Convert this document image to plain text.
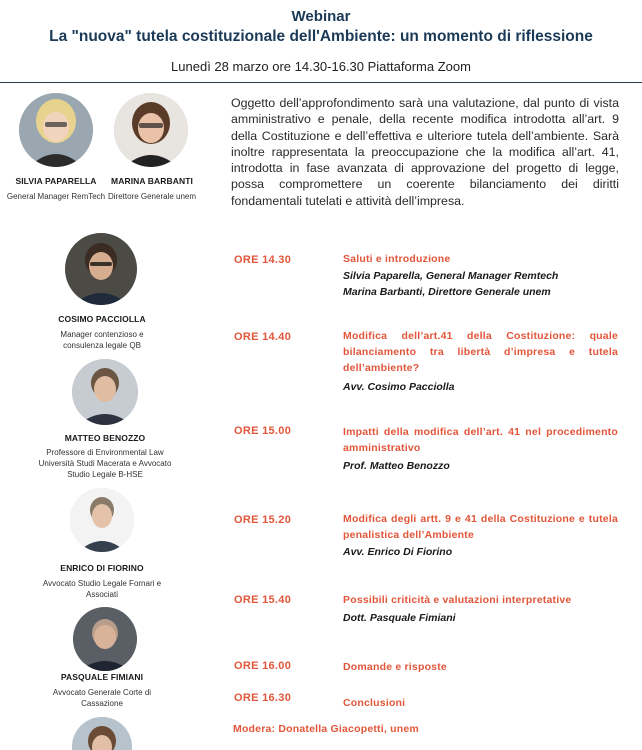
Webinar
La "nuova" tutela costituzionale dell'Ambiente: un momento di riflessione
Lunedì 28 marzo ore 14.30-16.30 Piattaforma Zoom
SILVIA PAPARELLA
General Manager RemTech
MARINA BARBANTI
Direttore Generale unem
COSIMO PACCIOLLA
Manager contenzioso e consulenza legale QB
MATTEO BENOZZO
Professore di Environmental Law Università Studi Macerata e Avvocato Studio Legale B-HSE
ENRICO DI FIORINO
Avvocato Studio Legale Fornari e Associati
PASQUALE FIMIANI
Avvocato Generale Corte di Cassazione
Oggetto dell’approfondimento sarà una valutazione, dal punto di vista amministrativo e penale, della recente modifica introdotta all’art. 9 della Costituzione e dell’effettiva e ulteriore tutela dell’ambiente. Sarà inoltre rappresentata la preoccupazione che la modifica all’art. 41, introdotta in fase avanzata di approvazione del progetto di legge, possa compromettere un coerente bilanciamento dei diritti fondamentali tutelati e attività dell’impresa.
ORE 14.30	Saluti e introduzione
Silvia Paparella, General Manager Remtech
Marina Barbanti, Direttore Generale unem
ORE 14.40	Modifica dell’art.41 della Costituzione: quale bilanciamento tra libertà d’impresa e tutela dell’ambiente?
Avv. Cosimo Pacciolla
ORE 15.00	Impatti della modifica dell’art. 41 nel procedimento amministrativo
Prof. Matteo Benozzo
ORE 15.20	Modifica degli artt. 9 e 41 della Costituzione e tutela penalistica dell’Ambiente
Avv. Enrico Di Fiorino
ORE 15.40	Possibili criticità e valutazioni interpretative
Dott. Pasquale Fimiani
ORE 16.00	Domande e risposte
ORE 16.30	Conclusioni
Modera: Donatella Giacopetti, unem
